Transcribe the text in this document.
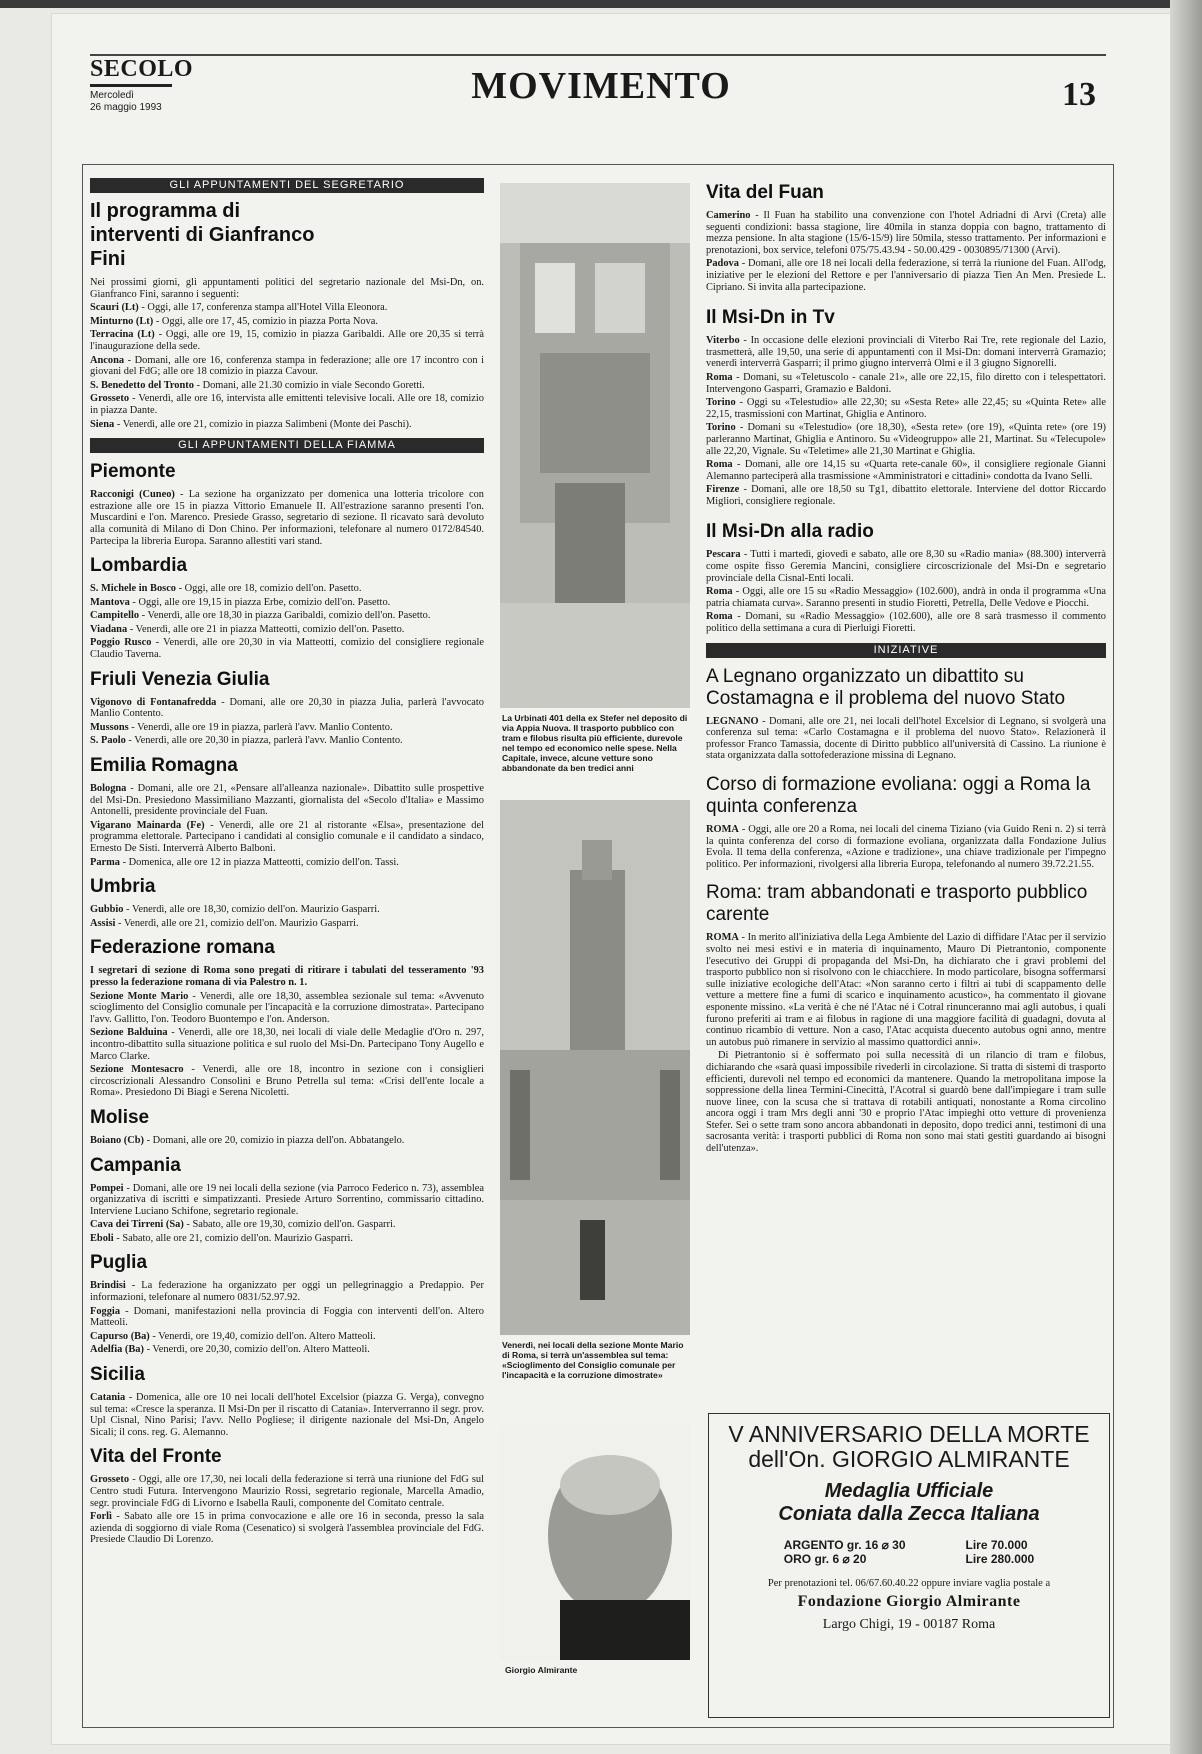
SECOLO
Mercoledì
26 maggio 1993
MOVIMENTO	13
GLI APPUNTAMENTI DEL SEGRETARIO
Il programma di interventi di Gianfranco Fini

Nei prossimi giorni, gli appuntamenti politici del segretario nazionale del Msi-Dn, on. Gianfranco Fini, saranno i seguenti:

Scauri (Lt) - Oggi, alle 17, conferenza stampa all'Hotel Villa Eleonora.

Minturno (Lt) - Oggi, alle ore 17, 45, comizio in piazza Porta Nova.

Terracina (Lt) - Oggi, alle ore 19, 15, comizio in piazza Garibaldi. Alle ore 20,35 si terrà l'inaugurazione della sede.

Ancona - Domani, alle ore 16, conferenza stampa in federazione; alle ore 17 incontro con i giovani del FdG; alle ore 18 comizio in piazza Cavour.

S. Benedetto del Tronto - Domani, alle 21.30 comizio in viale Secondo Goretti.

Grosseto - Venerdì, alle ore 16, intervista alle emittenti televisive locali. Alle ore 18, comizio in piazza Dante.

Siena - Venerdì, alle ore 21, comizio in piazza Salimbeni (Monte dei Paschi).

GLI APPUNTAMENTI DELLA FIAMMA
Piemonte

Racconigi (Cuneo) - La sezione ha organizzato per domenica una lotteria tricolore con estrazione alle ore 15 in piazza Vittorio Emanuele II. All'estrazione saranno presenti l'on. Muscardini e l'on. Marenco. Presiede Grasso, segretario di sezione. Il ricavato sarà devoluto alla comunità di Milano di Don Chino. Per informazioni, telefonare al numero 0172/84540. Partecipa la libreria Europa. Saranno allestiti vari stand.

Lombardia

S. Michele in Bosco - Oggi, alle ore 18, comizio dell'on. Pasetto.

Mantova - Oggi, alle ore 19,15 in piazza Erbe, comizio dell'on. Pasetto.

Campitello - Venerdì, alle ore 18,30 in piazza Garibaldi, comizio dell'on. Pasetto.

Viadana - Venerdì, alle ore 21 in piazza Matteotti, comizio dell'on. Pasetto.

Poggio Rusco - Venerdì, alle ore 20,30 in via Matteotti, comizio del consigliere regionale Claudio Taverna.

Friuli Venezia Giulia

Vigonovo di Fontanafredda - Domani, alle ore 20,30 in piazza Julia, parlerà l'avvocato Manlio Contento.

Mussons - Venerdì, alle ore 19 in piazza, parlerà l'avv. Manlio Contento.

S. Paolo - Venerdì, alle ore 20,30 in piazza, parlerà l'avv. Manlio Contento.

Emilia Romagna

Bologna - Domani, alle ore 21, «Pensare all'alleanza nazionale». Dibattito sulle prospettive del Msi-Dn. Presiedono Massimiliano Mazzanti, giornalista del «Secolo d'Italia» e Massimo Antonelli, presidente provinciale del Fuan.

Vigarano Mainarda (Fe) - Venerdì, alle ore 21 al ristorante «Elsa», presentazione del programma elettorale. Partecipano i candidati al consiglio comunale e il candidato a sindaco, Ernesto De Sisti. Interverrà Alberto Balboni.

Parma - Domenica, alle ore 12 in piazza Matteotti, comizio dell'on. Tassi.

Umbria

Gubbio - Venerdì, alle ore 18,30, comizio dell'on. Maurizio Gasparri.

Assisi - Venerdì, alle ore 21, comizio dell'on. Maurizio Gasparri.

Federazione romana

I segretari di sezione di Roma sono pregati di ritirare i tabulati del tesseramento '93 presso la federazione romana di via Palestro n. 1.

Sezione Monte Mario - Venerdì, alle ore 18,30, assemblea sezionale sul tema: «Avvenuto scioglimento del Consiglio comunale per l'incapacità e la corruzione dimostrata». Partecipano l'avv. Gallitto, l'on. Teodoro Buontempo e l'on. Anderson.

Sezione Balduina - Venerdì, alle ore 18,30, nei locali di viale delle Medaglie d'Oro n. 297, incontro-dibattito sulla situazione politica e sul ruolo del Msi-Dn. Partecipano Tony Augello e Marco Clarke.

Sezione Montesacro - Venerdì, alle ore 18, incontro in sezione con i consiglieri circoscrizionali Alessandro Consolini e Bruno Petrella sul tema: «Crisi dell'ente locale a Roma». Presiedono Di Biagi e Serena Nicoletti.

Molise

Boiano (Cb) - Domani, alle ore 20, comizio in piazza dell'on. Abbatangelo.

Campania

Pompei - Domani, alle ore 19 nei locali della sezione (via Parroco Federico n. 73), assemblea organizzativa di iscritti e simpatizzanti. Presiede Arturo Sorrentino, commissario cittadino. Interviene Luciano Schifone, segretario regionale.

Cava dei Tirreni (Sa) - Sabato, alle ore 19,30, comizio dell'on. Gasparri.

Eboli - Sabato, alle ore 21, comizio dell'on. Maurizio Gasparri.

Puglia

Brindisi - La federazione ha organizzato per oggi un pellegrinaggio a Predappio. Per informazioni, telefonare al numero 0831/52.97.92.

Foggia - Domani, manifestazioni nella provincia di Foggia con interventi dell'on. Altero Matteoli.

Capurso (Ba) - Venerdì, ore 19,40, comizio dell'on. Altero Matteoli.

Adelfia (Ba) - Venerdì, ore 20,30, comizio dell'on. Altero Matteoli.

Sicilia

Catania - Domenica, alle ore 10 nei locali dell'hotel Excelsior (piazza G. Verga), convegno sul tema: «Cresce la speranza. Il Msi-Dn per il riscatto di Catania». Interverranno il segr. prov. Upl Cisnal, Nino Parisi; l'avv. Nello Pogliese; il dirigente nazionale del Msi-Dn, Angelo Sicali; il cons. reg. G. Alemanno.

Vita del Fronte

Grosseto - Oggi, alle ore 17,30, nei locali della federazione si terrà una riunione del FdG sul Centro studi Futura. Intervengono Maurizio Rossi, segretario regionale, Marcella Amadio, segr. provinciale FdG di Livorno e Isabella Rauli, componente del Comitato centrale.

Forlì - Sabato alle ore 15 in prima convocazione e alle ore 16 in seconda, presso la sala azienda di soggiorno di viale Roma (Cesenatico) si svolgerà l'assemblea provinciale del FdG. Presiede Claudio Di Lorenzo.

La Urbinati 401 della ex Stefer nel deposito di via Appia Nuova. Il trasporto pubblico con tram e filobus risulta più efficiente, durevole nel tempo ed economico nelle spese. Nella Capitale, invece, alcune vetture sono abbandonate da ben tredici anni
Venerdì, nei locali della sezione Monte Mario di Roma, si terrà un'assemblea sul tema: «Scioglimento del Consiglio comunale per l'incapacità e la corruzione dimostrate»
Giorgio Almirante
Vita del Fuan

Camerino - Il Fuan ha stabilito una convenzione con l'hotel Adriadni di Arvi (Creta) alle seguenti condizioni: bassa stagione, lire 40mila in stanza doppia con bagno, trattamento di mezza pensione. In alta stagione (15/6-15/9) lire 50mila, stesso trattamento. Per informazioni e prenotazioni, box service, telefoni 075/75.43.94 - 50.00.429 - 0030895/71300 (Arvi).

Padova - Domani, alle ore 18 nei locali della federazione, si terrà la riunione del Fuan. All'odg, iniziative per le elezioni del Rettore e per l'anniversario di piazza Tien An Men. Presiede L. Cipriano. Si invita alla partecipazione.

Il Msi-Dn in Tv

Viterbo - In occasione delle elezioni provinciali di Viterbo Rai Tre, rete regionale del Lazio, trasmetterà, alle 19,50, una serie di appuntamenti con il Msi-Dn: domani interverrà Gramazio; venerdì interverrà Gasparri; il primo giugno interverrà Olmi e il 3 giugno Signorelli.

Roma - Domani, su «Teletuscolo - canale 21», alle ore 22,15, filo diretto con i telespettatori. Intervengono Gasparri, Gramazio e Baldoni.

Torino - Oggi su «Telestudio» alle 22,30; su «Sesta Rete» alle 22,45; su «Quinta Rete» alle 22,15, trasmissioni con Martinat, Ghiglia e Antinoro.

Torino - Domani su «Telestudio» (ore 18,30), «Sesta rete» (ore 19), «Quinta rete» (ore 19) parleranno Martinat, Ghiglia e Antinoro. Su «Videogruppo» alle 21, Martinat. Su «Telecupole» alle 22,20, Vignale. Su «Teletime» alle 21,30 Martinat e Ghiglia.

Roma - Domani, alle ore 14,15 su «Quarta rete-canale 60», il consigliere regionale Gianni Alemanno parteciperà alla trasmissione «Amministratori e cittadini» condotta da Ivano Selli.

Firenze - Domani, alle ore 18,50 su Tg1, dibattito elettorale. Interviene del dottor Riccardo Migliori, consigliere regionale.

Il Msi-Dn alla radio

Pescara - Tutti i martedì, giovedì e sabato, alle ore 8,30 su «Radio mania» (88.300) interverrà come ospite fisso Geremia Mancini, consigliere circoscrizionale del Msi-Dn e segretario provinciale della Cisnal-Enti locali.

Roma - Oggi, alle ore 15 su «Radio Messaggio» (102.600), andrà in onda il programma «Una patria chiamata curva». Saranno presenti in studio Fioretti, Petrella, Delle Vedove e Piocchi.

Roma - Domani, su «Radio Messaggio» (102.600), alle ore 8 sarà trasmesso il commento politico della settimana a cura di Pierluigi Fioretti.

INIZIATIVE
A Legnano organizzato un dibattito su Costamagna e il problema del nuovo Stato

LEGNANO - Domani, alle ore 21, nei locali dell'hotel Excelsior di Legnano, si svolgerà una conferenza sul tema: «Carlo Costamagna e il problema del nuovo Stato». Relazionerà il professor Franco Tamassia, docente di Diritto pubblico all'università di Cassino. La riunione è stata organizzata dalla sottofederazione missina di Legnano.

Corso di formazione evoliana: oggi a Roma la quinta conferenza

ROMA - Oggi, alle ore 20 a Roma, nei locali del cinema Tiziano (via Guido Reni n. 2) si terrà la quinta conferenza del corso di formazione evoliana, organizzata dalla Fondazione Julius Evola. Il tema della conferenza, «Azione e tradizione», una chiave tradizionale per l'impegno politico. Per informazioni, rivolgersi alla libreria Europa, telefonando al numero 39.72.21.55.

Roma: tram abbandonati e trasporto pubblico carente

ROMA - In merito all'iniziativa della Lega Ambiente del Lazio di diffidare l'Atac per il servizio svolto nei mesi estivi e in materia di inquinamento, Mauro Di Pietrantonio, componente l'esecutivo dei Gruppi di propaganda del Msi-Dn, ha dichiarato che i gravi problemi del trasporto pubblico non si risolvono con le chiacchiere. In modo particolare, bisogna soffermarsi sulle iniziative ecologiche dell'Atac: «Non saranno certo i filtri ai tubi di scappamento delle vetture a mettere fine a fumi di scarico e inquinamento acustico», ha commentato il giovane esponente missino. «La verità è che né l'Atac né i Cotral rinunceranno mai agli autobus, i quali furono preferiti ai tram e ai filobus in ragione di una maggiore facilità di guadagni, dovuta al continuo ricambio di vetture. Non a caso, l'Atac acquista duecento autobus ogni anno, mentre un autobus può rimanere in servizio al massimo quattordici anni».

Di Pietrantonio si è soffermato poi sulla necessità di un rilancio di tram e filobus, dichiarando che «sarà quasi impossibile rivederli in circolazione. Si tratta di sistemi di trasporto efficienti, durevoli nel tempo ed economici da mantenere. Quando la metropolitana impose la soppressione della linea Termini-Cinecittà, l'Acotral si guardò bene dall'impiegare i tram sulle nuove linee, con la scusa che si trattava di rotabili antiquati, nonostante a Roma circolino ancora oggi i tram Mrs degli anni '30 e proprio l'Atac impieghi otto vetture di provenienza Stefer. Sei o sette tram sono ancora abbandonati in deposito, dopo tredici anni, testimoni di una sacrosanta verità: i trasporti pubblici di Roma non sono mai stati gestiti guardando ai bisogni dell'utenza».

V ANNIVERSARIO DELLA MORTE
dell'On. GIORGIO ALMIRANTE
Medaglia Ufficiale
Coniata dalla Zecca Italiana
ARGENTO gr. 16 ⌀ 30
ORO gr. 6 ⌀ 20
Lire 70.000
Lire 280.000
Per prenotazioni tel. 06/67.60.40.22 oppure inviare vaglia postale a
Fondazione Giorgio Almirante
Largo Chigi, 19 - 00187 Roma
